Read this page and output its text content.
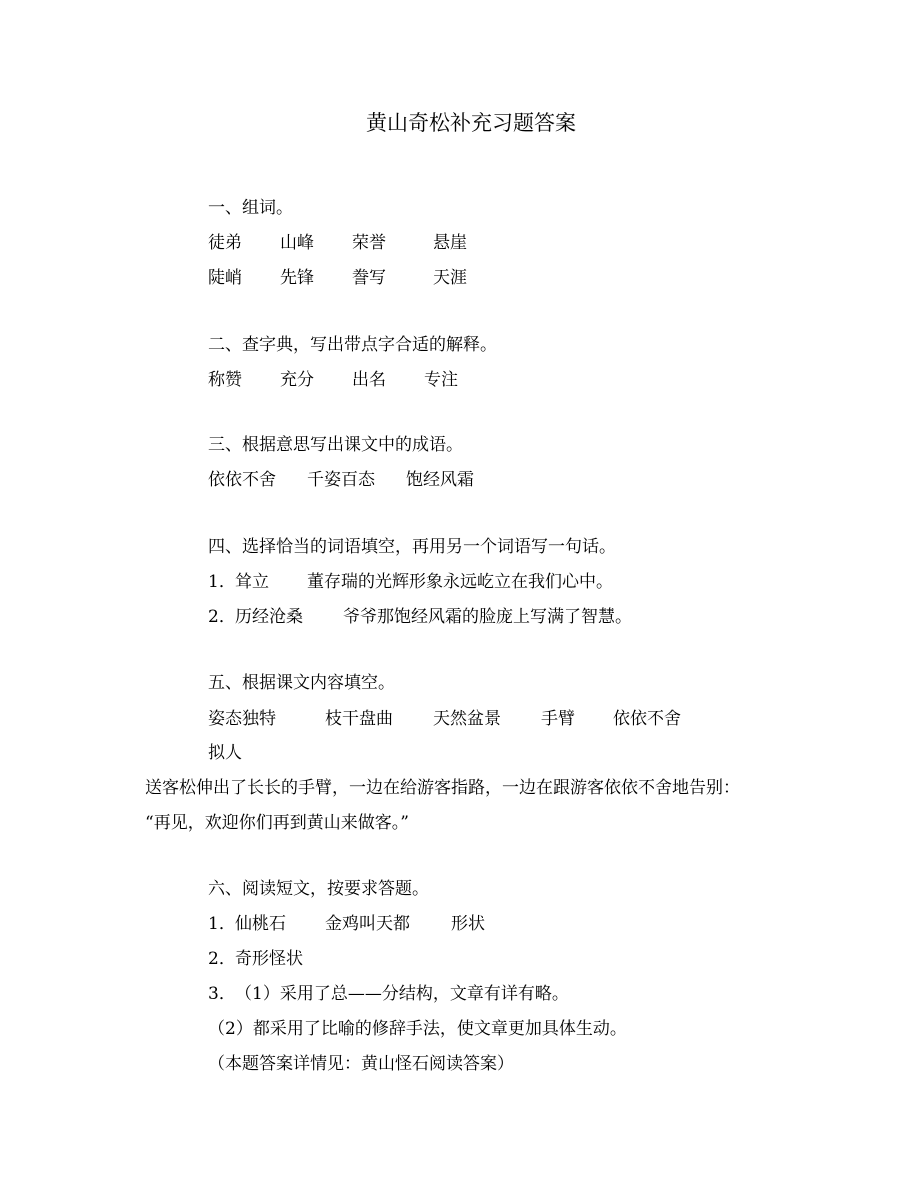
黄山奇松补充习题答案
一、组词。
徒弟 山峰 荣誉	悬崖
陡峭 先锋 誊写	天涯
二、查字典，写出带点字合适的解释。
称赞 充分 出名 专注
三、根据意思写出课文中的成语。
依依不舍 千姿百态 饱经风霜
四、选择恰当的词语填空，再用另一个词语写一句话。
1． 耸立 董存瑞的光辉形象永远屹立在我们心中。
2． 历经沧桑 爷爷那饱经风霜的脸庞上写满了智慧。
五、根据课文内容填空。
姿态独特	枝干盘曲 天然盆景 手臂 依依不舍
拟人
送客松伸出了长长的手臂，一边在给游客指路，一边在跟游客依依不舍地告别：
“再见，欢迎你们再到黄山来做客。”
六、阅读短文，按要求答题。
1． 仙桃石 金鸡叫天都 形状
2． 奇形怪状
3． （1）采用了总——分结构，文章有详有略。
（2）都采用了比喻的修辞手法，使文章更加具体生动。
（本题答案详情见：黄山怪石阅读答案）
